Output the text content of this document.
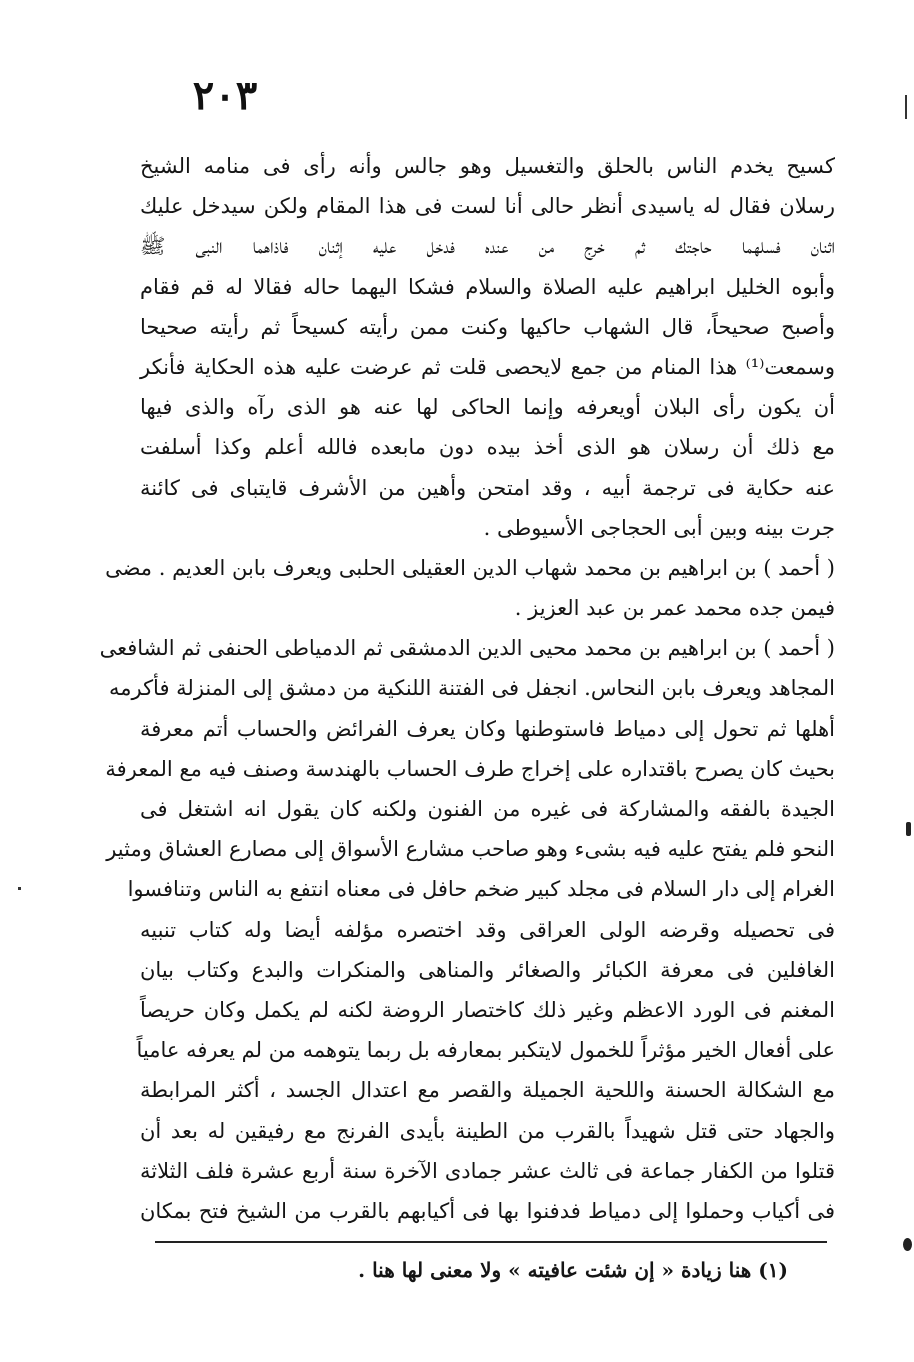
٢٠٣
كسيح يخدم الناس بالحلق والتغسيل وهو جالس وأنه رأى فى منامه الشيخ
رسلان فقال له ياسيدى أنظر حالى أنا لست فى هذا المقام ولكن سيدخل عليك
اثنان فسلهما حاجتك ثم خرج من عنده فدخل عليه إثنان فاذاهما النبى ﷺ
وأبوه الخليل ابراهيم عليه الصلاة والسلام فشكا اليهما حاله فقالا له قم فقام
وأصبح صحيحاً، قال الشهاب حاكيها وكنت ممن رأيته كسيحاً ثم رأيته صحيحا
وسمعت⁽¹⁾ هذا المنام من جمع لايحصى قلت ثم عرضت عليه هذه الحكاية فأنكر
أن يكون رأى البلان أويعرفه وإنما الحاكى لها عنه هو الذى رآه والذى فيها
مع ذلك أن رسلان هو الذى أخذ بيده دون مابعده فالله أعلم وكذا أسلفت
عنه حكاية فى ترجمة أبيه ، وقد امتحن وأهين من الأشرف قايتباى فى كائنة
جرت بينه وبين أبى الحجاجى الأسيوطى .
( أحمد ) بن ابراهيم بن محمد شهاب الدين العقيلى الحلبى ويعرف بابن العديم . مضى
فيمن جده محمد عمر بن عبد العزيز .
( أحمد ) بن ابراهيم بن محمد محيى الدين الدمشقى ثم الدمياطى الحنفى ثم الشافعى
المجاهد ويعرف بابن النحاس. انجفل فى الفتنة اللنكية من دمشق إلى المنزلة فأكرمه
أهلها ثم تحول إلى دمياط فاستوطنها وكان يعرف الفرائض والحساب أتم معرفة
بحيث كان يصرح باقتداره على إخراج طرف الحساب بالهندسة وصنف فيه مع المعرفة
الجيدة بالفقه والمشاركة فى غيره من الفنون ولكنه كان يقول انه اشتغل فى
النحو فلم يفتح عليه فيه بشىء وهو صاحب مشارع الأسواق إلى مصارع العشاق ومثير
الغرام إلى دار السلام فى مجلد كبير ضخم حافل فى معناه انتفع به الناس وتنافسوا
فى تحصيله وقرضه الولى العراقى وقد اختصره مؤلفه أيضا وله كتاب تنبيه
الغافلين فى معرفة الكبائر والصغائر والمناهى والمنكرات والبدع وكتاب بيان
المغنم فى الورد الاعظم وغير ذلك كاختصار الروضة لكنه لم يكمل وكان حريصاً
على أفعال الخير مؤثراً للخمول لايتكبر بمعارفه بل ربما يتوهمه من لم يعرفه عامياً
مع الشكالة الحسنة واللحية الجميلة والقصر مع اعتدال الجسد ، أكثر المرابطة
والجهاد حتى قتل شهيداً بالقرب من الطينة بأيدى الفرنج مع رفيقين له بعد أن
قتلوا من الكفار جماعة فى ثالث عشر جمادى الآخرة سنة أربع عشرة فلف الثلاثة
فى أكياب وحملوا إلى دمياط فدفنوا بها فى أكيابهم بالقرب من الشيخ فتح بمكان
(١) هنا زيادة « إن شئت عافيته » ولا معنى لها هنا .
